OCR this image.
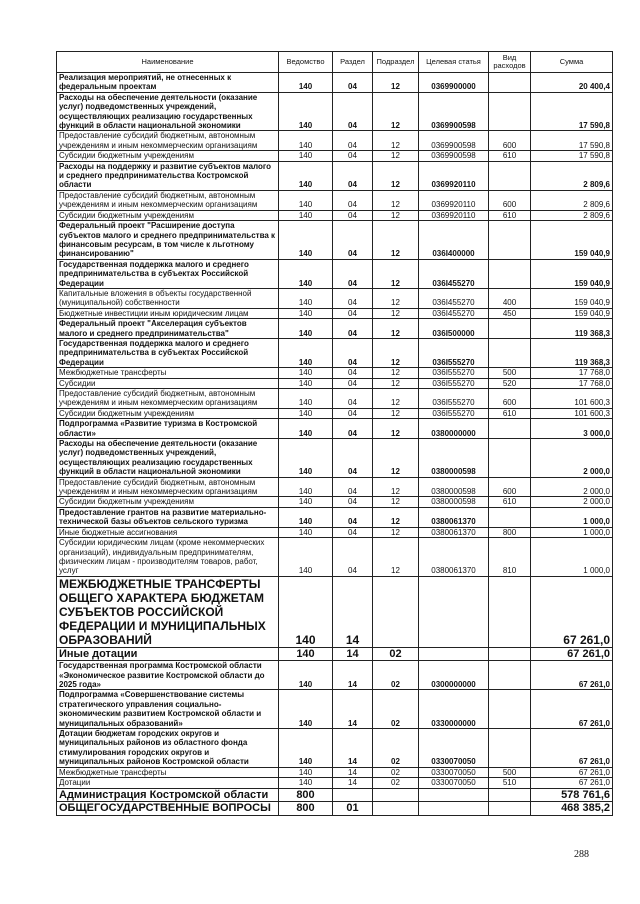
Наименование	Ведомство	Раздел	Подраздел	Целевая статья	Вид расходов	Сумма
Реализация мероприятий, не отнесенных к федеральным проектам	140	04	12	0369900000		20 400,4
Расходы на обеспечение деятельности (оказание услуг) подведомственных учреждений, осуществляющих реализацию государственных функций в области национальной экономики	140	04	12	0369900598		17 590,8
Предоставление субсидий бюджетным, автономным учреждениям и иным некоммерческим организациям	140	04	12	0369900598	600	17 590,8
Субсидии бюджетным учреждениям	140	04	12	0369900598	610	17 590,8
Расходы на поддержку и развитие субъектов малого и среднего предпринимательства Костромской области	140	04	12	0369920110		2 809,6
Предоставление субсидий бюджетным, автономным учреждениям и иным некоммерческим организациям	140	04	12	0369920110	600	2 809,6
Субсидии бюджетным учреждениям	140	04	12	0369920110	610	2 809,6
Федеральный проект "Расширение доступа субъектов малого и среднего предпринимательства к финансовым ресурсам, в том числе к льготному финансированию"	140	04	12	036I400000		159 040,9
Государственная поддержка малого и среднего предпринимательства в субъектах Российской Федерации	140	04	12	036I455270		159 040,9
Капитальные вложения в объекты государственной (муниципальной) собственности	140	04	12	036I455270	400	159 040,9
Бюджетные инвестиции иным юридическим лицам	140	04	12	036I455270	450	159 040,9
Федеральный проект "Акселерация субъектов малого и среднего предпринимательства"	140	04	12	036I500000		119 368,3
Государственная поддержка малого и среднего предпринимательства в субъектах Российской Федерации	140	04	12	036I555270		119 368,3
Межбюджетные трансферты	140	04	12	036I555270	500	17 768,0
Субсидии	140	04	12	036I555270	520	17 768,0
Предоставление субсидий бюджетным, автономным учреждениям и иным некоммерческим организациям	140	04	12	036I555270	600	101 600,3
Субсидии бюджетным учреждениям	140	04	12	036I555270	610	101 600,3
Подпрограмма «Развитие туризма в Костромской области»	140	04	12	0380000000		3 000,0
Расходы на обеспечение деятельности (оказание услуг) подведомственных учреждений, осуществляющих реализацию государственных функций в области национальной экономики	140	04	12	0380000598		2 000,0
Предоставление субсидий бюджетным, автономным учреждениям и иным некоммерческим организациям	140	04	12	0380000598	600	2 000,0
Субсидии бюджетным учреждениям	140	04	12	0380000598	610	2 000,0
Предоставление грантов на развитие материально-технической базы объектов сельского туризма	140	04	12	0380061370		1 000,0
Иные бюджетные ассигнования	140	04	12	0380061370	800	1 000,0
Субсидии юридическим лицам (кроме некоммерческих организаций), индивидуальным предпринимателям, физическим лицам - производителям товаров, работ, услуг	140	04	12	0380061370	810	1 000,0
МЕЖБЮДЖЕТНЫЕ ТРАНСФЕРТЫ ОБЩЕГО ХАРАКТЕРА БЮДЖЕТАМ СУБЪЕКТОВ РОССИЙСКОЙ ФЕДЕРАЦИИ И МУНИЦИПАЛЬНЫХ ОБРАЗОВАНИЙ	140	14				67 261,0
Иные дотации	140	14	02			67 261,0
Государственная программа Костромской области «Экономическое развитие Костромской области до 2025 года»	140	14	02	0300000000		67 261,0
Подпрограмма «Совершенствование системы стратегического управления социально-экономическим развитием Костромской области и муниципальных образований»	140	14	02	0330000000		67 261,0
Дотации бюджетам городских округов и муниципальных районов из областного фонда стимулирования городских округов и муниципальных районов Костромской области	140	14	02	0330070050		67 261,0
Межбюджетные трансферты	140	14	02	0330070050	500	67 261,0
Дотации	140	14	02	0330070050	510	67 261,0
Администрация Костромской области	800					578 761,6
ОБЩЕГОСУДАРСТВЕННЫЕ ВОПРОСЫ	800	01				468 385,2
288
